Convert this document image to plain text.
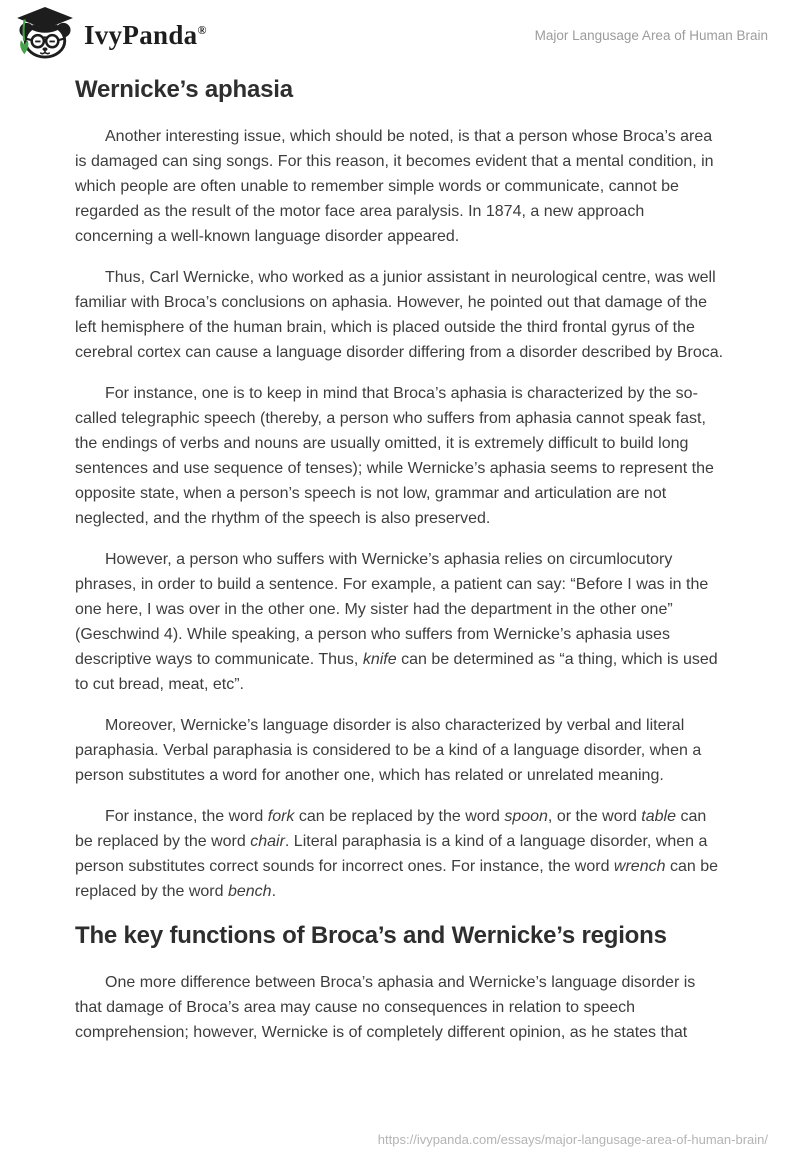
IvyPanda®	Major Langusage Area of Human Brain
Wernicke’s aphasia

Another interesting issue, which should be noted, is that a person whose Broca’s area is damaged can sing songs. For this reason, it becomes evident that a mental condition, in which people are often unable to remember simple words or communicate, cannot be regarded as the result of the motor face area paralysis. In 1874, a new approach concerning a well-known language disorder appeared.

Thus, Carl Wernicke, who worked as a junior assistant in neurological centre, was well familiar with Broca’s conclusions on aphasia. However, he pointed out that damage of the left hemisphere of the human brain, which is placed outside the third frontal gyrus of the cerebral cortex can cause a language disorder differing from a disorder described by Broca.

For instance, one is to keep in mind that Broca’s aphasia is characterized by the so-called telegraphic speech (thereby, a person who suffers from aphasia cannot speak fast, the endings of verbs and nouns are usually omitted, it is extremely difficult to build long sentences and use sequence of tenses); while Wernicke’s aphasia seems to represent the opposite state, when a person’s speech is not low, grammar and articulation are not neglected, and the rhythm of the speech is also preserved.

However, a person who suffers with Wernicke’s aphasia relies on circumlocutory phrases, in order to build a sentence. For example, a patient can say: “Before I was in the one here, I was over in the other one. My sister had the department in the other one” (Geschwind 4). While speaking, a person who suffers from Wernicke’s aphasia uses descriptive ways to communicate. Thus, knife can be determined as “a thing, which is used to cut bread, meat, etc”.

Moreover, Wernicke’s language disorder is also characterized by verbal and literal paraphasia. Verbal paraphasia is considered to be a kind of a language disorder, when a person substitutes a word for another one, which has related or unrelated meaning.

For instance, the word fork can be replaced by the word spoon, or the word table can be replaced by the word chair. Literal paraphasia is a kind of a language disorder, when a person substitutes correct sounds for incorrect ones. For instance, the word wrench can be replaced by the word bench.

The key functions of Broca’s and Wernicke’s regions

One more difference between Broca’s aphasia and Wernicke’s language disorder is that damage of Broca’s area may cause no consequences in relation to speech comprehension; however, Wernicke is of completely different opinion, as he states that

https://ivypanda.com/essays/major-langusage-area-of-human-brain/
